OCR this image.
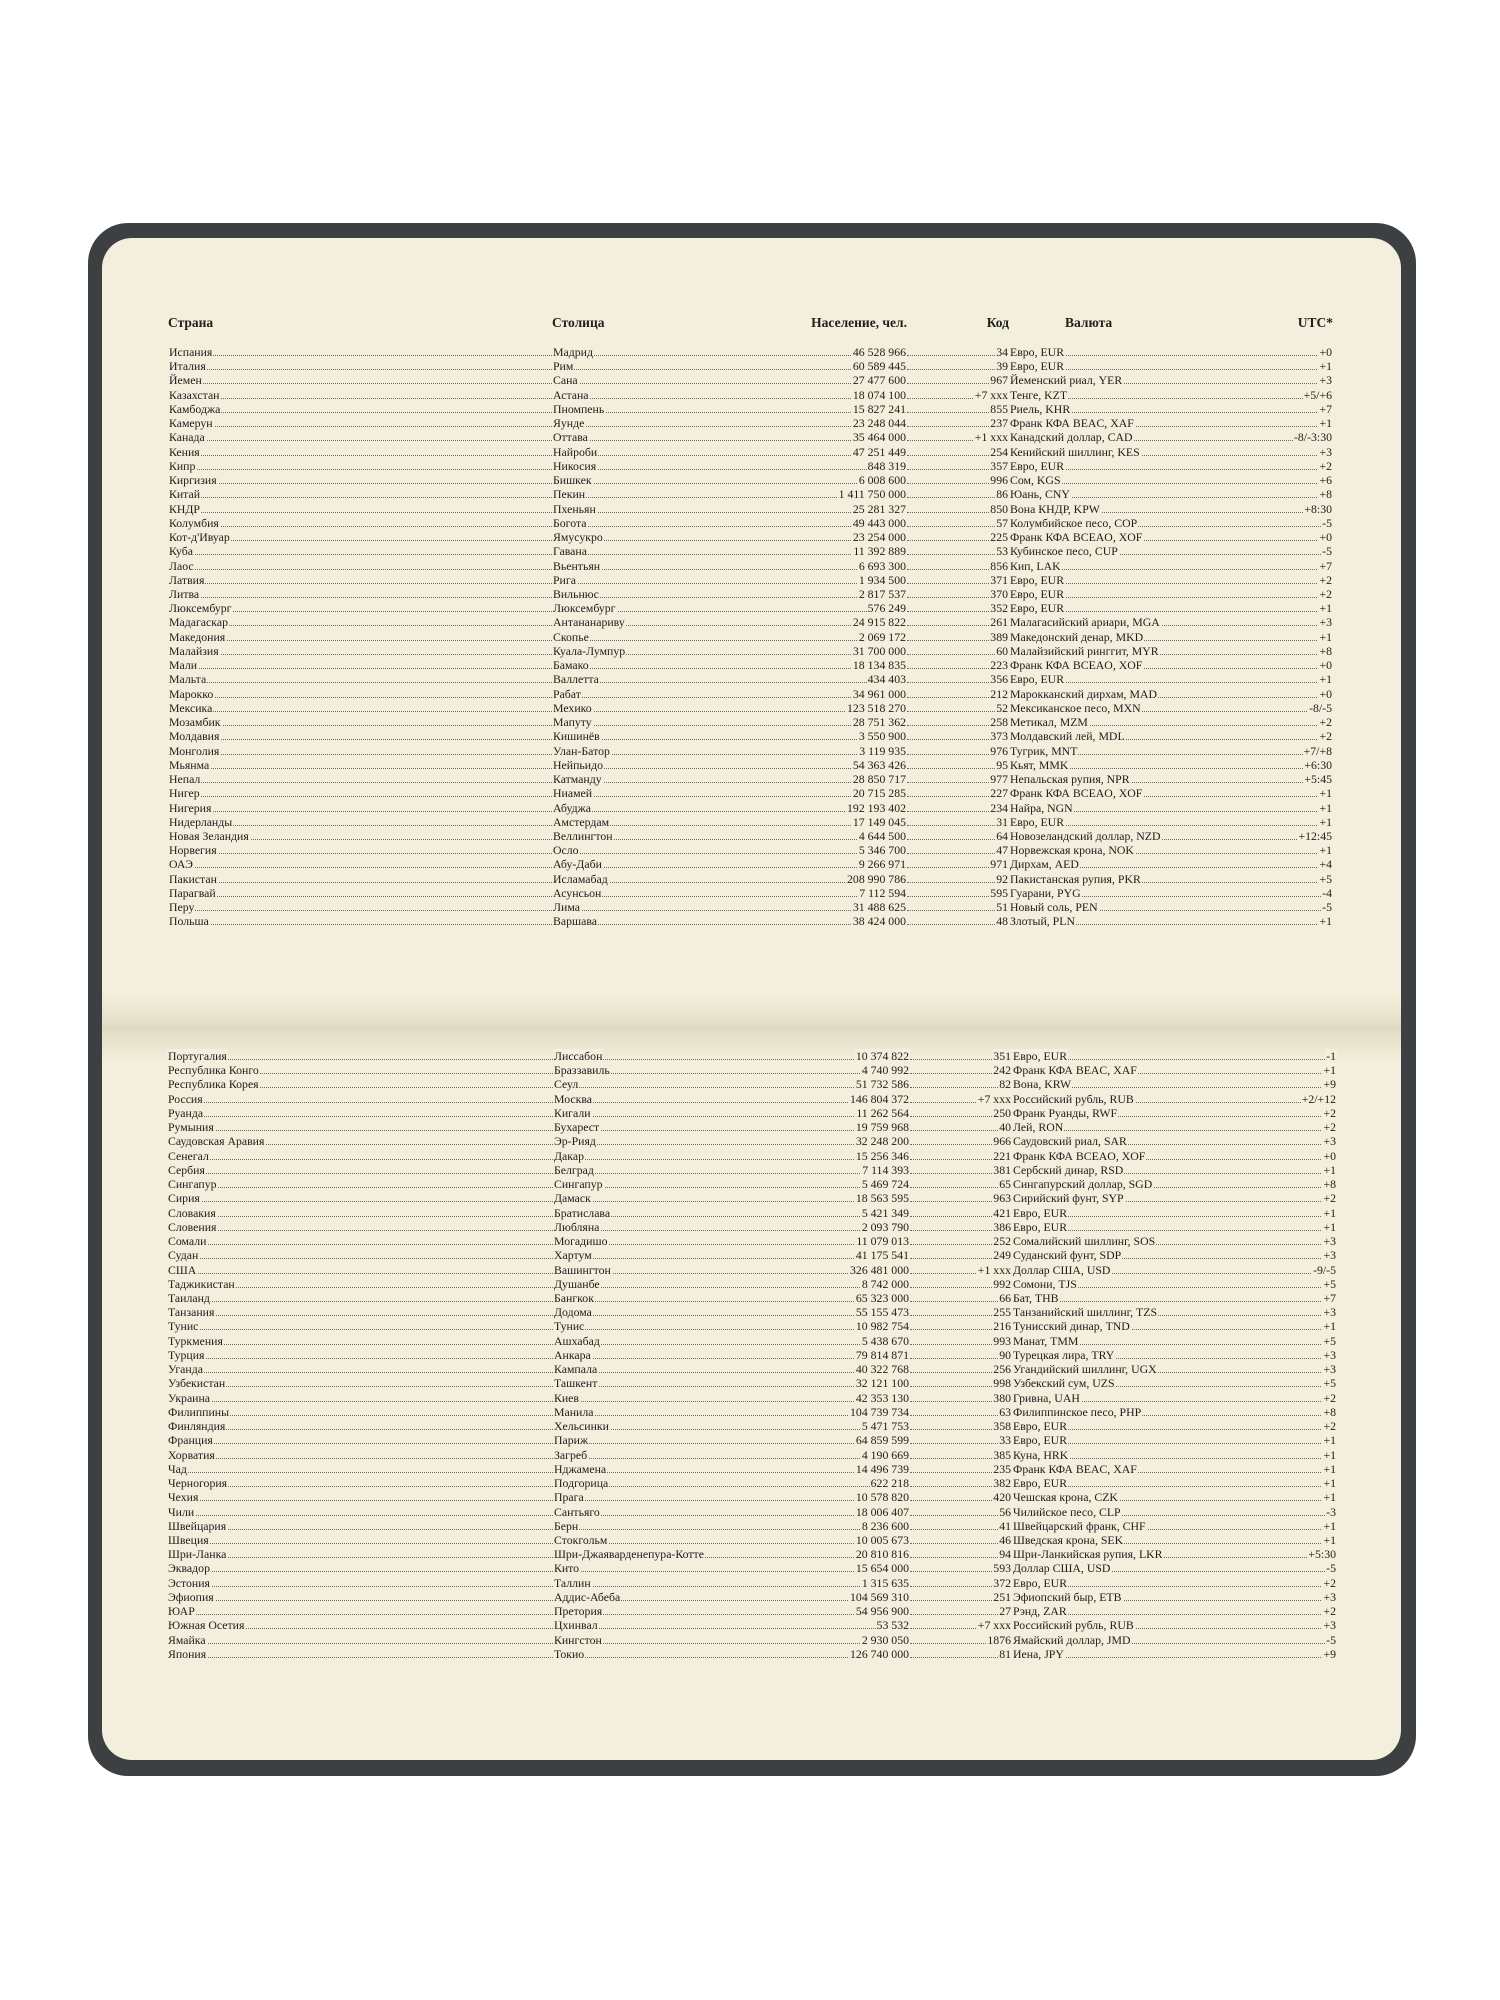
Страна	Столица	Население, чел.	Код	Валюта	UTC*
Испания	Мадрид	46 528 966	34 Евро, EUR	+0
Италия	Рим	60 589 445	39 Евро, EUR	+1
Йемен	Сана	27 477 600	967 Йеменский риал, YER	+3
Казахстан	Астана	18 074 100	+7 ххх Тенге, KZT	+5/+6
Камбоджа	Пномпень	15 827 241	855 Риель, KHR	+7
Камерун	Яунде	23 248 044	237 Франк КФА BEAC, XAF	+1
Канада	Оттава	35 464 000	+1 ххх Канадский доллар, CAD	-8/-3:30
Кения	Найроби	47 251 449	254 Кенийский шиллинг, KES	+3
Кипр	Никосия	848 319	357 Евро, EUR	+2
Киргизия	Бишкек	6 008 600	996 Сом, KGS	+6
Китай	Пекин	1 411 750 000	86 Юань, CNY	+8
КНДР	Пхеньян	25 281 327	850 Вона КНДР, KPW	+8:30
Колумбия	Богота	49 443 000	57 Колумбийское песо, COP	-5
Кот-д'Ивуар	Ямусукро	23 254 000	225 Франк КФА BCEAO, XOF	+0
Куба	Гавана	11 392 889	53 Кубинское песо, CUP	-5
Лаос	Вьентьян	6 693 300	856 Кип, LAK	+7
Латвия	Рига	1 934 500	371 Евро, EUR	+2
Литва	Вильнюс	2 817 537	370 Евро, EUR	+2
Люксембург	Люксембург	576 249	352 Евро, EUR	+1
Мадагаскар	Антананариву	24 915 822	261 Малагасийский ариари, MGA	+3
Македония	Скопье	2 069 172	389 Македонский денар, MKD	+1
Малайзия	Куала-Лумпур	31 700 000	60 Малайзийский ринггит, MYR	+8
Мали	Бамако	18 134 835	223 Франк КФА BCEAO, XOF	+0
Мальта	Валлетта	434 403	356 Евро, EUR	+1
Марокко	Рабат	34 961 000	212 Марокканский дирхам, MAD	+0
Мексика	Мехико	123 518 270	52 Мексиканское песо, MXN	-8/-5
Мозамбик	Мапуту	28 751 362	258 Метикал, MZM	+2
Молдавия	Кишинёв	3 550 900	373 Молдавский лей, MDL	+2
Монголия	Улан-Батор	3 119 935	976 Тугрик, MNT	+7/+8
Мьянма	Нейпьидо	54 363 426	95 Кьят, MMK	+6:30
Непал	Катманду	28 850 717	977 Непальская рупия, NPR	+5:45
Нигер	Ниамей	20 715 285	227 Франк КФА BCEAO, XOF	+1
Нигерия	Абуджа	192 193 402	234 Найра, NGN	+1
Нидерланды	Амстердам	17 149 045	31 Евро, EUR	+1
Новая Зеландия	Веллингтон	4 644 500	64 Новозеландский доллар, NZD	+12:45
Норвегия	Осло	5 346 700	47 Норвежская крона, NOK	+1
ОАЭ	Абу-Даби	9 266 971	971 Дирхам, AED	+4
Пакистан	Исламабад	208 990 786	92 Пакистанская рупия, PKR	+5
Парагвай	Асунсьон	7 112 594	595 Гуарани, PYG	-4
Перу	Лима	31 488 625	51 Новый соль, PEN	-5
Польша	Варшава	38 424 000	48 Злотый, PLN	+1
Португалия	Лиссабон	10 374 822	351 Евро, EUR	-1
Республика Конго	Браззавиль	4 740 992	242 Франк КФА BEAC, XAF	+1
Республика Корея	Сеул	51 732 586	82 Вона, KRW	+9
Россия	Москва	146 804 372	+7 ххх Российский рубль, RUB	+2/+12
Руанда	Кигали	11 262 564	250 Франк Руанды, RWF	+2
Румыния	Бухарест	19 759 968	40 Лей, RON	+2
Саудовская Аравия	Эр-Рияд	32 248 200	966 Саудовский риал, SAR	+3
Сенегал	Дакар	15 256 346	221 Франк КФА BCEAO, XOF	+0
Сербия	Белград	7 114 393	381 Сербский динар, RSD	+1
Сингапур	Сингапур	5 469 724	65 Сингапурский доллар, SGD	+8
Сирия	Дамаск	18 563 595	963 Сирийский фунт, SYP	+2
Словакия	Братислава	5 421 349	421 Евро, EUR	+1
Словения	Любляна	2 093 790	386 Евро, EUR	+1
Сомали	Могадишо	11 079 013	252 Сомалийский шиллинг, SOS	+3
Судан	Хартум	41 175 541	249 Суданский фунт, SDP	+3
США	Вашингтон	326 481 000	+1 ххх Доллар США, USD	-9/-5
Таджикистан	Душанбе	8 742 000	992 Сомони, TJS	+5
Таиланд	Бангкок	65 323 000	66 Бат, THB	+7
Танзания	Додома	55 155 473	255 Танзанийский шиллинг, TZS	+3
Тунис	Тунис	10 982 754	216 Тунисский динар, TND	+1
Туркмения	Ашхабад	5 438 670	993 Манат, TMM	+5
Турция	Анкара	79 814 871	90 Турецкая лира, TRY	+3
Уганда	Кампала	40 322 768	256 Угандийский шиллинг, UGX	+3
Узбекистан	Ташкент	32 121 100	998 Узбекский сум, UZS	+5
Украина	Киев	42 353 130	380 Гривна, UAH	+2
Филиппины	Манила	104 739 734	63 Филиппинское песо, PHP	+8
Финляндия	Хельсинки	5 471 753	358 Евро, EUR	+2
Франция	Париж	64 859 599	33 Евро, EUR	+1
Хорватия	Загреб	4 190 669	385 Куна, HRK	+1
Чад	Нджамена	14 496 739	235 Франк КФА BEAC, XAF	+1
Черногория	Подгорица	622 218	382 Евро, EUR	+1
Чехия	Прага	10 578 820	420 Чешская крона, CZK	+1
Чили	Сантьяго	18 006 407	56 Чилийское песо, CLP	-3
Швейцария	Берн	8 236 600	41 Швейцарский франк, CHF	+1
Швеция	Стокгольм	10 005 673	46 Шведская крона, SEK	+1
Шри-Ланка	Шри-Джаяварденепура-Котте	20 810 816	94 Шри-Ланкийская рупия, LKR	+5:30
Эквадор	Кито	15 654 000	593 Доллар США, USD	-5
Эстония	Таллин	1 315 635	372 Евро, EUR	+2
Эфиопия	Аддис-Абеба	104 569 310	251 Эфиопский быр, ETB	+3
ЮАР	Претория	54 956 900	27 Рэнд, ZAR	+2
Южная Осетия	Цхинвал	53 532	+7 ххх Российский рубль, RUB	+3
Ямайка	Кингстон	2 930 050	1876 Ямайский доллар, JMD	-5
Япония	Токио	126 740 000	81 Иена, JPY	+9
